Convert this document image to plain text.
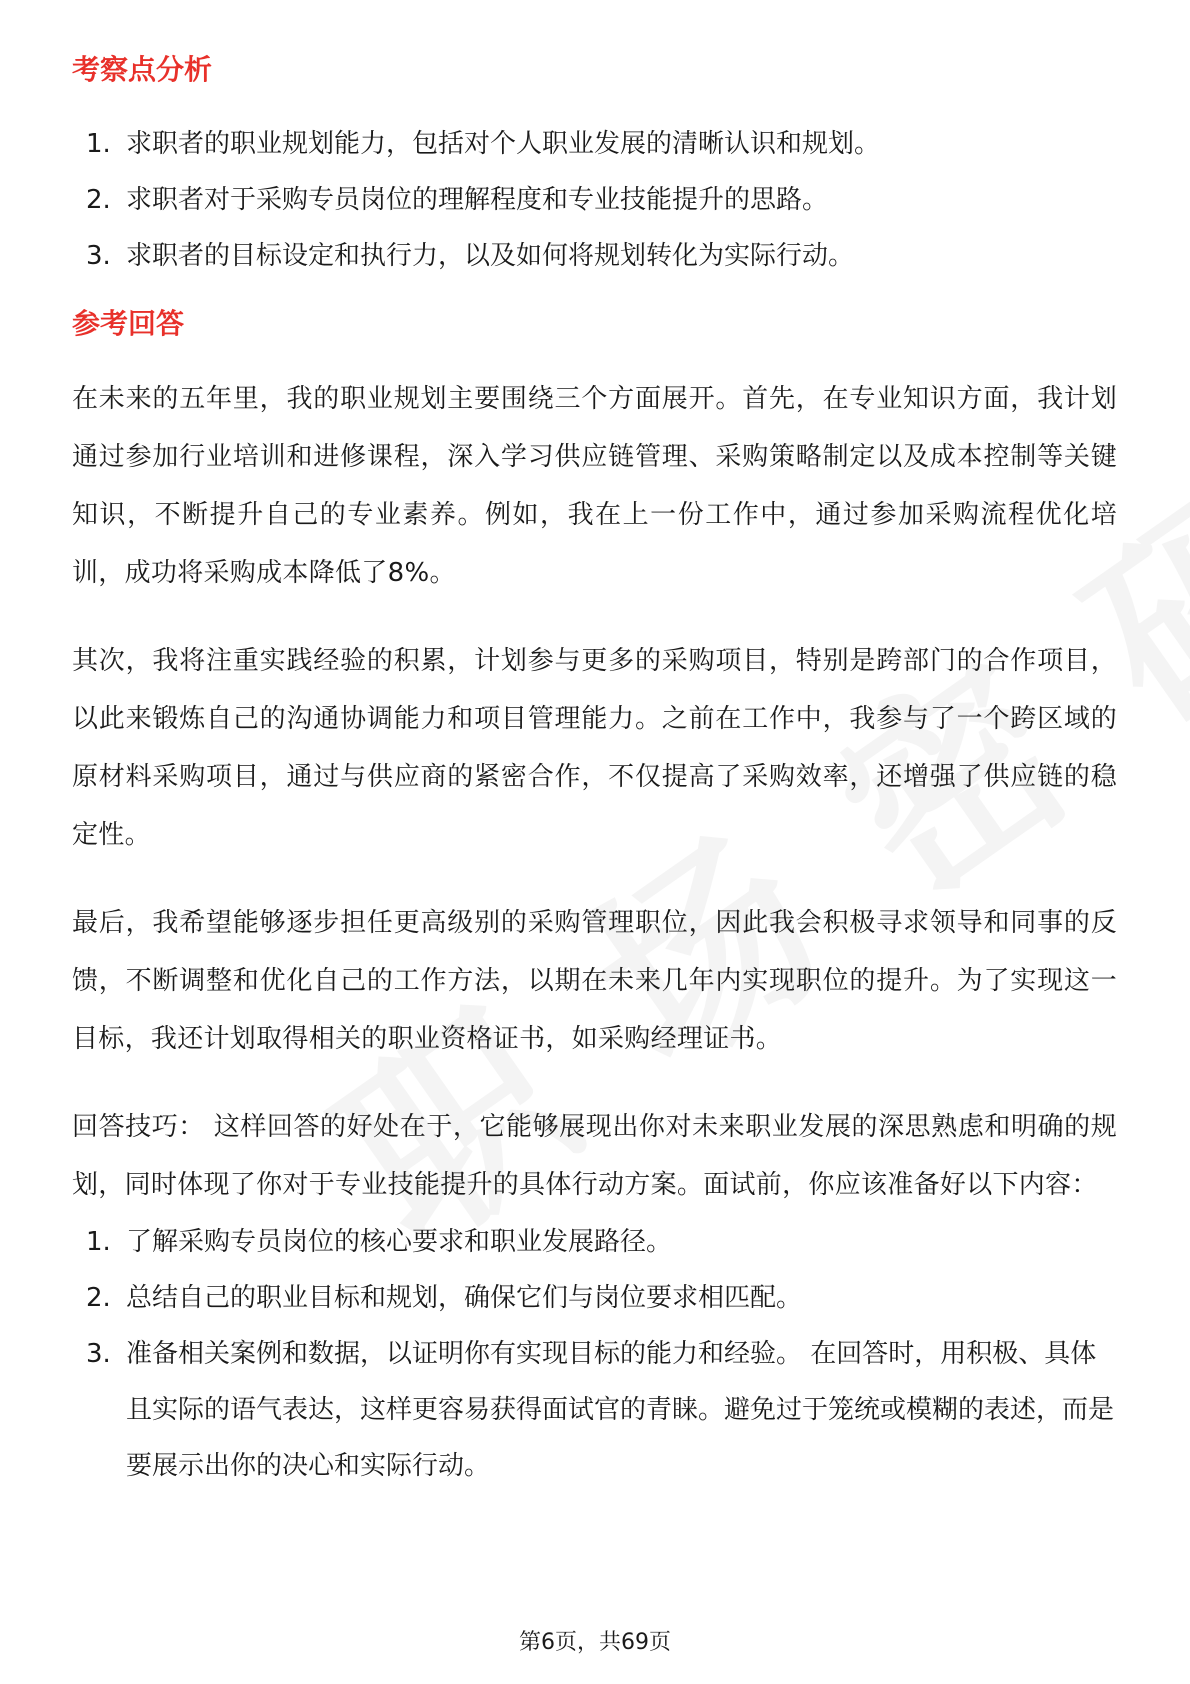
考察点分析
1. 求职者的职业规划能力，包括对个人职业发展的清晰认识和规划。
2. 求职者对于采购专员岗位的理解程度和专业技能提升的思路。
3. 求职者的目标设定和执行力，以及如何将规划转化为实际行动。
参考回答

在未来的五年里，我的职业规划主要围绕三个方面展开。首先，在专业知识方面，我计划通过参加行业培训和进修课程，深入学习供应链管理、采购策略制定以及成本控制等关键知识，不断提升自己的专业素养。例如，我在上一份工作中，通过参加采购流程优化培训，成功将采购成本降低了8%。

其次，我将注重实践经验的积累，计划参与更多的采购项目，特别是跨部门的合作项目，以此来锻炼自己的沟通协调能力和项目管理能力。之前在工作中，我参与了一个跨区域的原材料采购项目，通过与供应商的紧密合作，不仅提高了采购效率，还增强了供应链的稳定性。

最后，我希望能够逐步担任更高级别的采购管理职位，因此我会积极寻求领导和同事的反馈，不断调整和优化自己的工作方法，以期在未来几年内实现职位的提升。为了实现这一目标，我还计划取得相关的职业资格证书，如采购经理证书。

回答技巧： 这样回答的好处在于，它能够展现出你对未来职业发展的深思熟虑和明确的规划，同时体现了你对于专业技能提升的具体行动方案。面试前，你应该准备好以下内容：

1. 了解采购专员岗位的核心要求和职业发展路径。
2. 总结自己的职业目标和规划，确保它们与岗位要求相匹配。
3. 准备相关案例和数据，以证明你有实现目标的能力和经验。 在回答时，用积极、具体且实际的语气表达，这样更容易获得面试官的青睐。避免过于笼统或模糊的表述，而是要展示出你的决心和实际行动。
第6页，共69页
